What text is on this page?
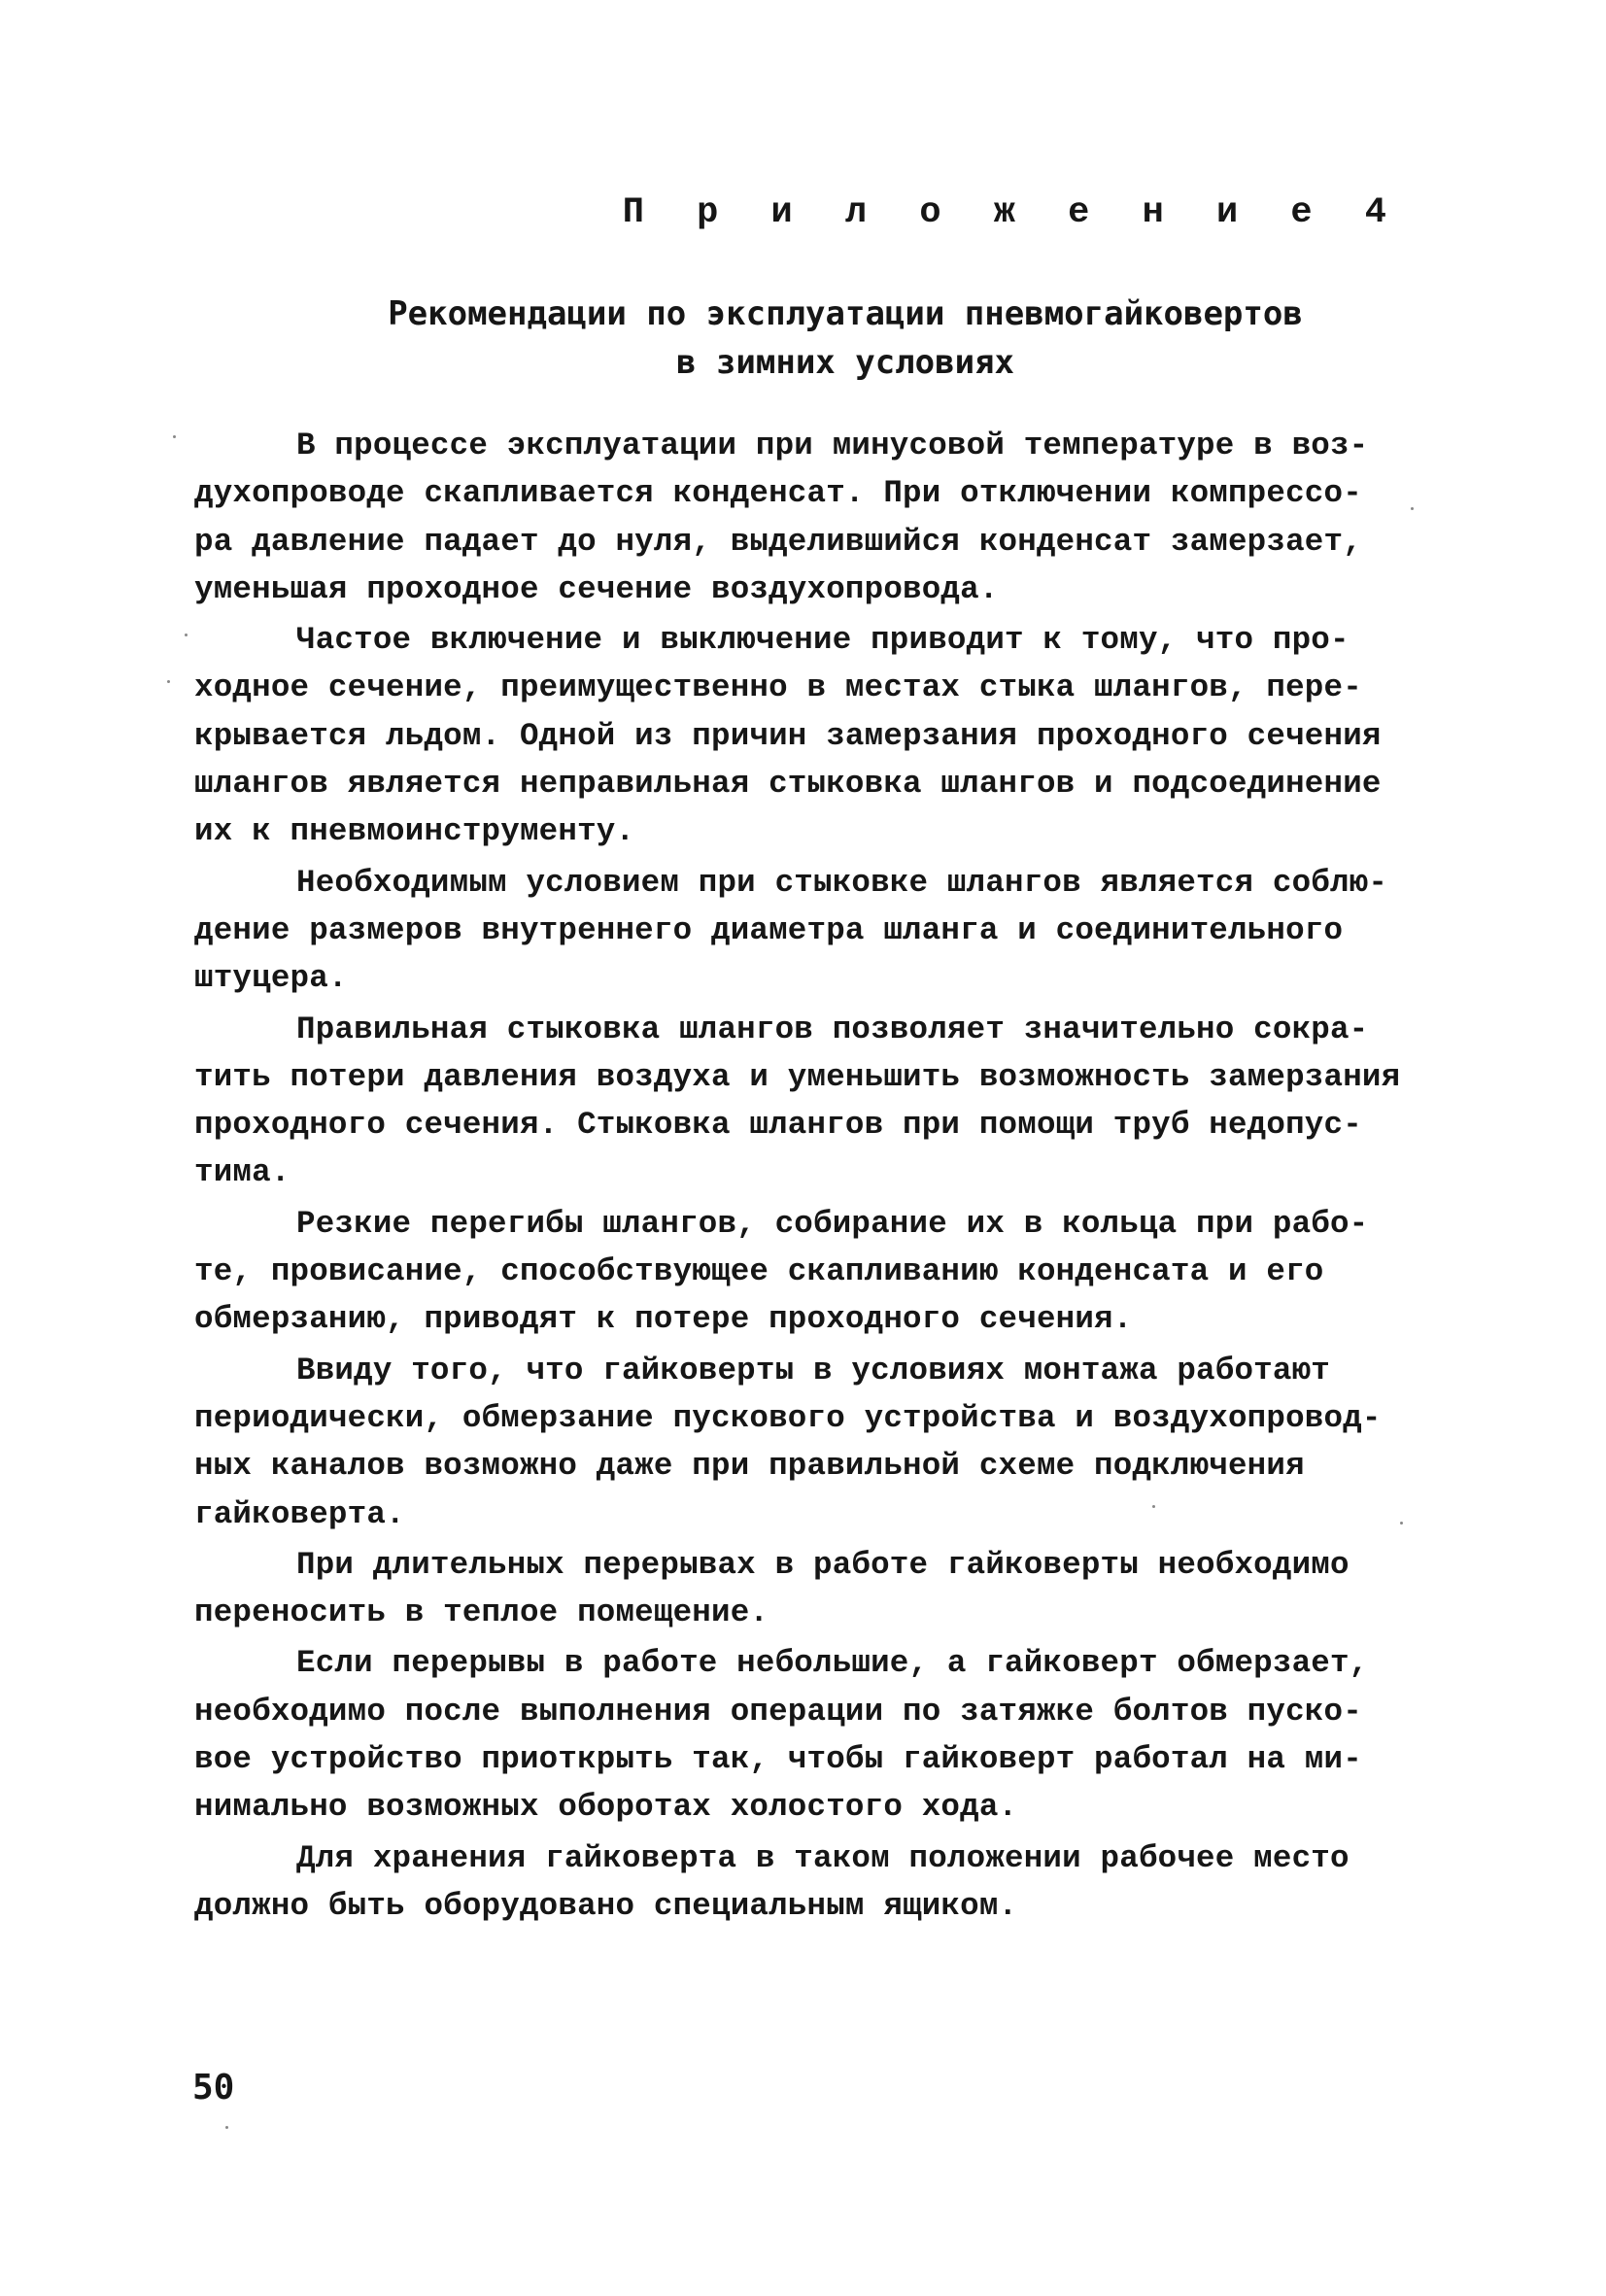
П р и л о ж е н и е 4
Рекомендации по эксплуатации пневмогайковертов
в зимних условиях
В процессе эксплуатации при минусовой температуре в воз-
духопроводе скапливается конденсат. При отключении компрессо-
ра давление падает до нуля, выделившийся конденсат замерзает,
уменьшая проходное сечение воздухопровода.
Частое включение и выключение приводит к тому, что про-
ходное сечение, преимущественно в местах стыка шлангов, пере-
крывается льдом. Одной из причин замерзания проходного сечения
шлангов является неправильная стыковка шлангов и подсоединение
их к пневмоинструменту.
Необходимым условием при стыковке шлангов является соблю-
дение размеров внутреннего диаметра шланга и соединительного
штуцера.
Правильная стыковка шлангов позволяет значительно сокра-
тить потери давления воздуха и уменьшить возможность замерзания
проходного сечения. Стыковка шлангов при помощи труб недопус-
тима.
Резкие перегибы шлангов, собирание их в кольца при рабо-
те, провисание, способствующее скапливанию конденсата и его
обмерзанию, приводят к потере проходного сечения.
Ввиду того, что гайковерты в условиях монтажа работают
периодически, обмерзание пускового устройства и воздухопровод-
ных каналов возможно даже при правильной схеме подключения
гайковерта.
При длительных перерывах в работе гайковерты необходимо
переносить в теплое помещение.
Если перерывы в работе небольшие, а гайковерт обмерзает,
необходимо после выполнения операции по затяжке болтов пуско-
вое устройство приоткрыть так, чтобы гайковерт работал на ми-
нимально возможных оборотах холостого хода.
Для хранения гайковерта в таком положении рабочее место
должно быть оборудовано специальным ящиком.
50
